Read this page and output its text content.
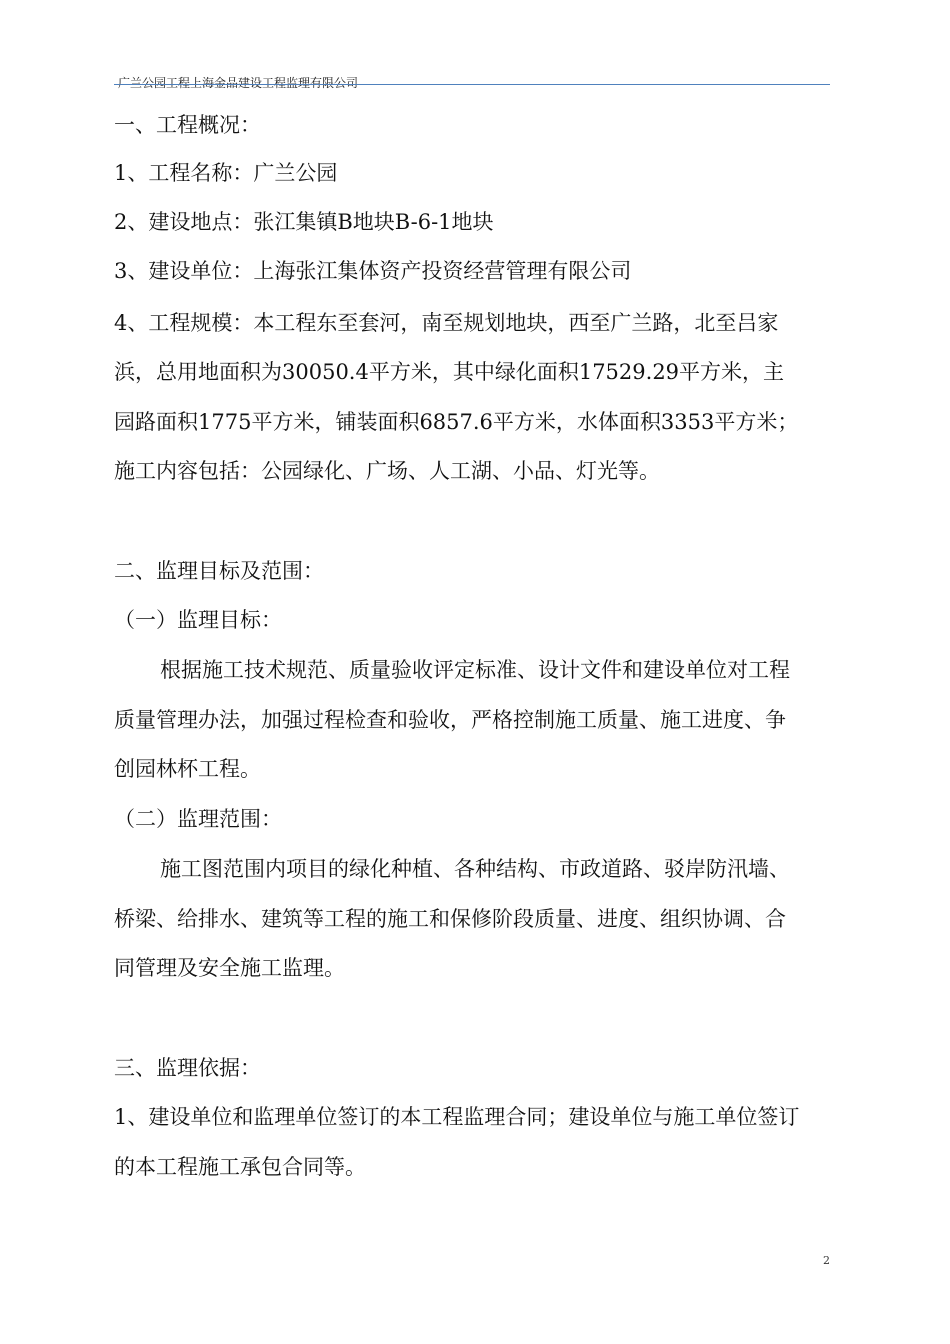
广兰公园工程上海金品建设工程监理有限公司
一、工程概况：
1、工程名称：广兰公园
2、建设地点：张江集镇B地块B-6-1地块
3、建设单位：上海张江集体资产投资经营管理有限公司
4、工程规模：本工程东至套河，南至规划地块，西至广兰路，北至吕家
浜，总用地面积为30050.4平方米，其中绿化面积17529.29平方米，主
园路面积1775平方米，铺装面积6857.6平方米，水体面积3353平方米；
施工内容包括：公园绿化、广场、人工湖、小品、灯光等。
二、监理目标及范围：
（一）监理目标：
根据施工技术规范、质量验收评定标准、设计文件和建设单位对工程
质量管理办法，加强过程检查和验收，严格控制施工质量、施工进度、争
创园林杯工程。
（二）监理范围：
施工图范围内项目的绿化种植、各种结构、市政道路、驳岸防汛墙、
桥梁、给排水、建筑等工程的施工和保修阶段质量、进度、组织协调、合
同管理及安全施工监理。
三、监理依据：
1、建设单位和监理单位签订的本工程监理合同；建设单位与施工单位签订
的本工程施工承包合同等。
2
